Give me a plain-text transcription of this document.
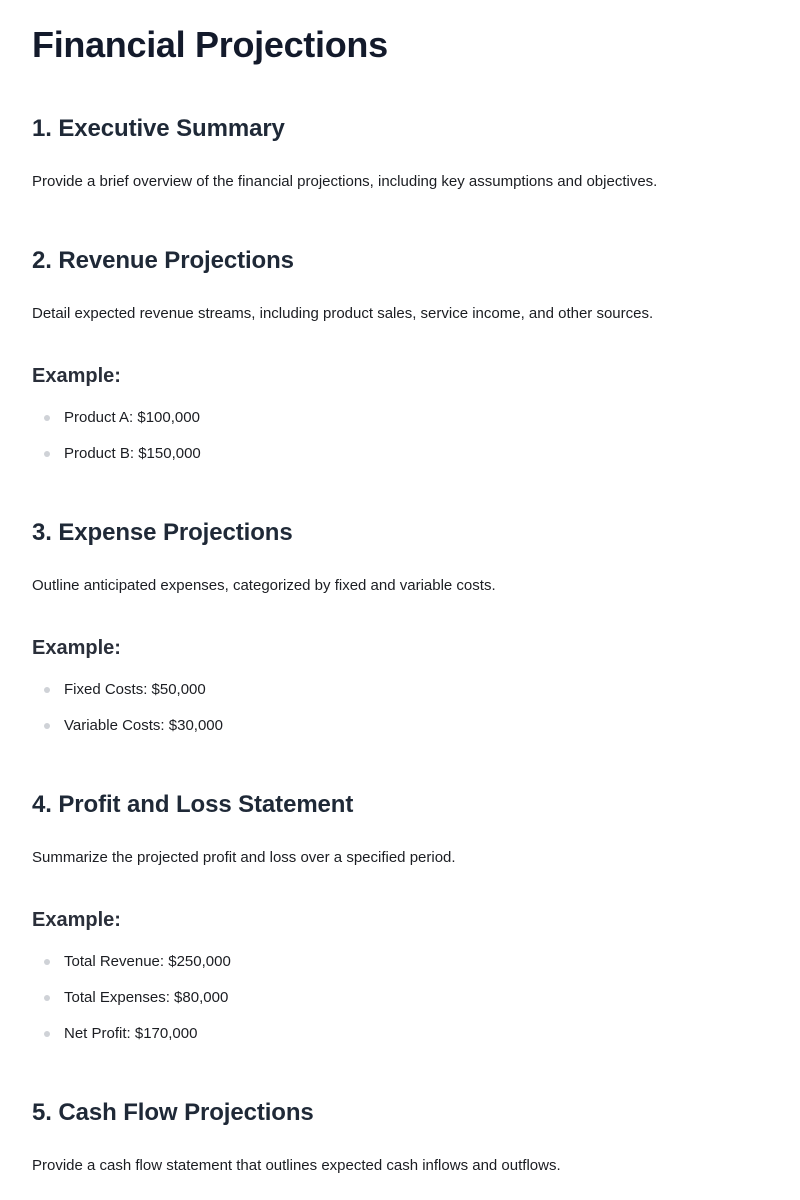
Financial Projections
1. Executive Summary

Provide a brief overview of the financial projections, including key assumptions and objectives.

2. Revenue Projections

Detail expected revenue streams, including product sales, service income, and other sources.

Example:
Product A: $100,000
Product B: $150,000
3. Expense Projections

Outline anticipated expenses, categorized by fixed and variable costs.

Example:
Fixed Costs: $50,000
Variable Costs: $30,000
4. Profit and Loss Statement

Summarize the projected profit and loss over a specified period.

Example:
Total Revenue: $250,000
Total Expenses: $80,000
Net Profit: $170,000
5. Cash Flow Projections

Provide a cash flow statement that outlines expected cash inflows and outflows.
